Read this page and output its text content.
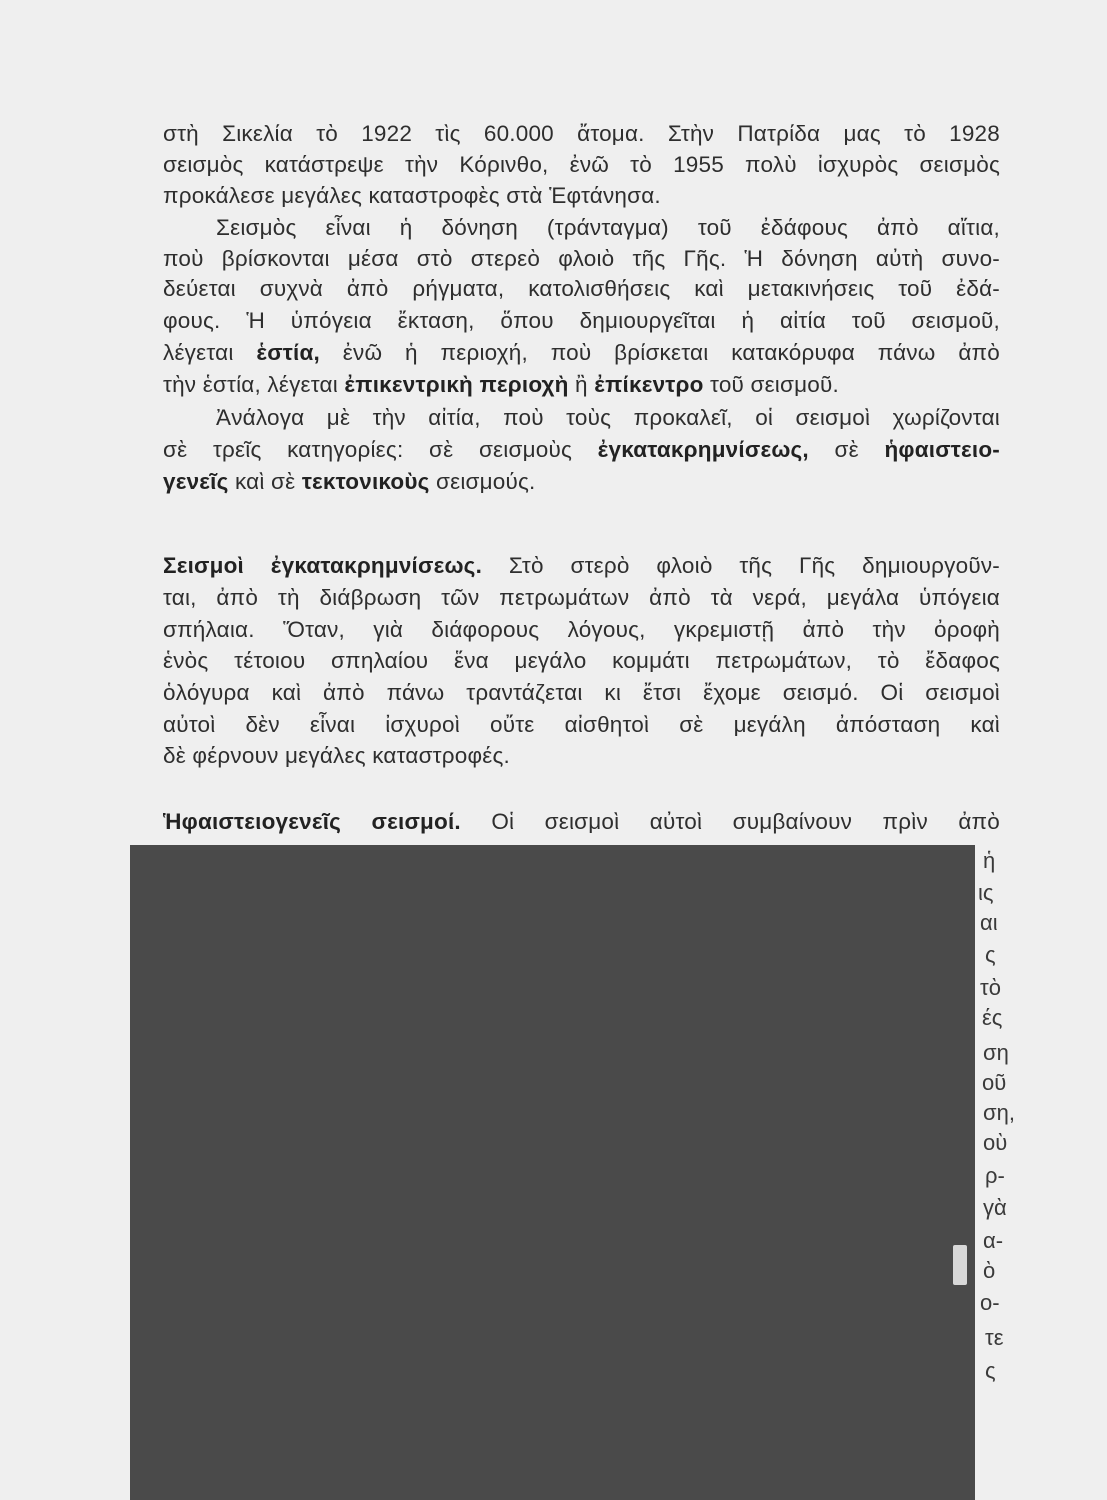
στὴ Σικελία τὸ 1922 τὶς 60.000 ἄτομα. Στὴν Πατρίδα μας τὸ 1928
σεισμὸς κατάστρεψε τὴν Κόρινθο, ἐνῶ τὸ 1955 πολὺ ἰσχυρὸς σεισμὸς
προκάλεσε μεγάλες καταστροφὲς στὰ Ἑφτάνησα.
Σεισμὸς εἶναι ἡ δόνηση (τράνταγμα) τοῦ ἐδάφους ἀπὸ αἴτια,
ποὺ βρίσκονται μέσα στὸ στερεὸ φλοιὸ τῆς Γῆς. Ἡ δόνηση αὐτὴ συνο-
δεύεται συχνὰ ἀπὸ ρήγματα, κατολισθήσεις καὶ μετακινήσεις τοῦ ἐδά-
φους. Ἡ ὑπόγεια ἔκταση, ὅπου δημιουργεῖται ἡ αἰτία τοῦ σεισμοῦ,
λέγεται ἑστία, ἐνῶ ἡ περιοχή, ποὺ βρίσκεται κατακόρυφα πάνω ἀπὸ
τὴν ἑστία, λέγεται ἐπικεντρικὴ περιοχὴ ἢ ἐπίκεντρο τοῦ σεισμοῦ.
Ἀνάλογα μὲ τὴν αἰτία, ποὺ τοὺς προκαλεῖ, οἱ σεισμοὶ χωρίζονται
σὲ τρεῖς κατηγορίες: σὲ σεισμοὺς ἐγκατακρημνίσεως, σὲ ἡφαιστειο-
γενεῖς καὶ σὲ τεκτονικοὺς σεισμούς.
Σεισμοὶ ἐγκατακρημνίσεως. Στὸ στερὸ φλοιὸ τῆς Γῆς δημιουργοῦν-
ται, ἀπὸ τὴ διάβρωση τῶν πετρωμάτων ἀπὸ τὰ νερά, μεγάλα ὑπόγεια
σπήλαια. Ὅταν, γιὰ διάφορους λόγους, γκρεμιστῇ ἀπὸ τὴν ὀροφὴ
ἑνὸς τέτοιου σπηλαίου ἕνα μεγάλο κομμάτι πετρωμάτων, τὸ ἔδαφος
ὁλόγυρα καὶ ἀπὸ πάνω τραντάζεται κι ἔτσι ἔχομε σεισμό. Οἱ σεισμοὶ
αὐτοὶ δὲν εἶναι ἰσχυροὶ οὔτε αἰσθητοὶ σὲ μεγάλη ἀπόσταση καὶ
δὲ φέρνουν μεγάλες καταστροφές.
Ἡφαιστειογενεῖς σεισμοί. Οἱ σεισμοὶ αὐτοὶ συμβαίνουν πρὶν ἀπὸ
ἡ
ις
αι
ς
τὸ
ές
ση
οῦ
ση,
οὺ
ρ-
γὰ
α-
ὸ
ο-
τε
ς
